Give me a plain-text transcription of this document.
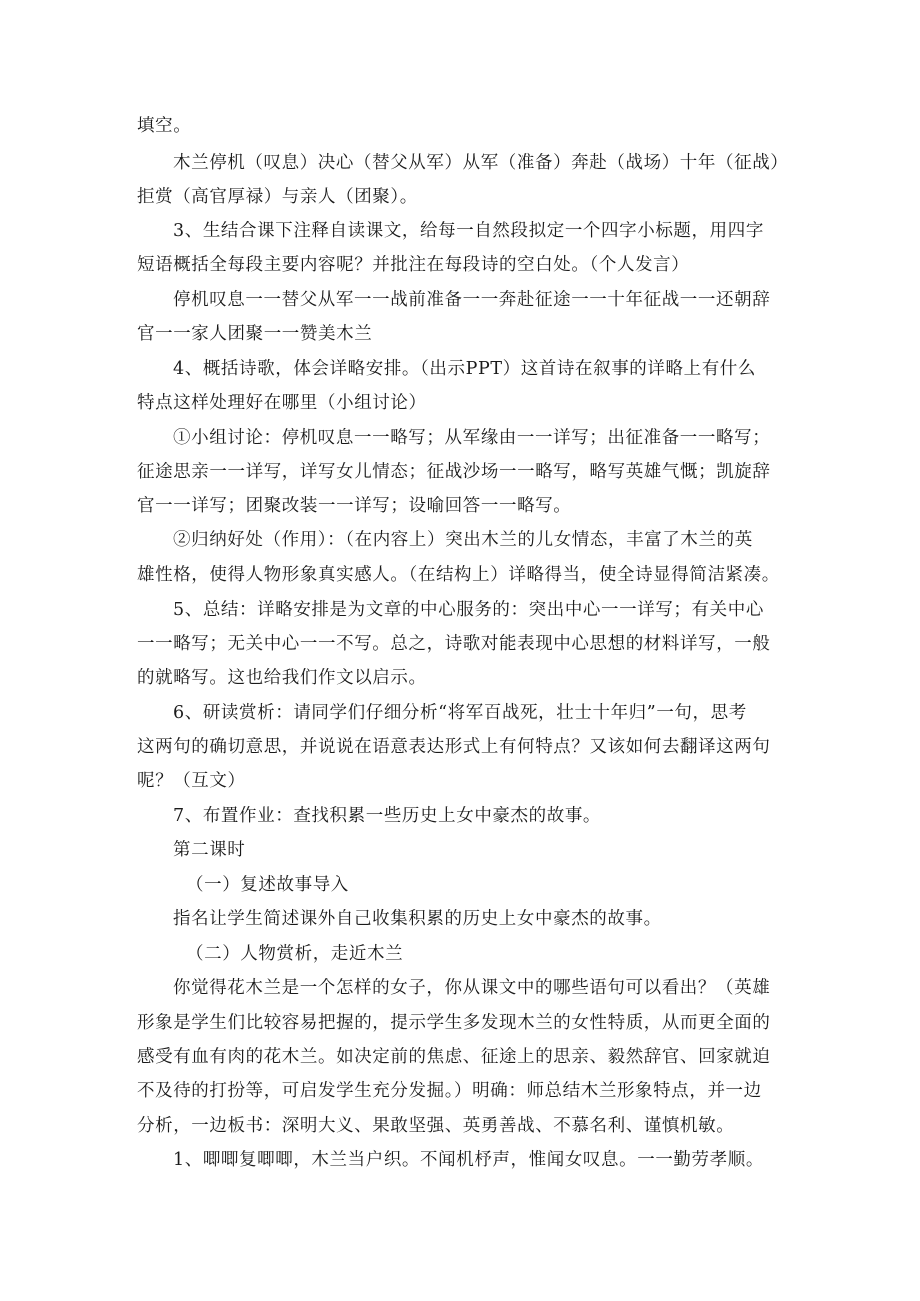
填空。
木兰停机（叹息）决心（替父从军）从军（准备）奔赴（战场）十年（征战）
拒赏（高官厚禄）与亲人（团聚）。
3、生结合课下注释自读课文，给每一自然段拟定一个四字小标题，用四字
短语概括全每段主要内容呢？并批注在每段诗的空白处。（个人发言）
停机叹息一一替父从军一一战前准备一一奔赴征途一一十年征战一一还朝辞
官一一家人团聚一一赞美木兰
4、概括诗歌，体会详略安排。（出示PPT）这首诗在叙事的详略上有什么
特点这样处理好在哪里（小组讨论）
①小组讨论：停机叹息一一略写；从军缘由一一详写；出征准备一一略写；
征途思亲一一详写，详写女儿情态；征战沙场一一略写，略写英雄气慨；凯旋辞
官一一详写；团聚改装一一详写；设喻回答一一略写。
②归纳好处（作用）：（在内容上）突出木兰的儿女情态，丰富了木兰的英
雄性格，使得人物形象真实感人。（在结构上）详略得当，使全诗显得简洁紧凑。
5、总结：详略安排是为文章的中心服务的：突出中心一一详写；有关中心
一一略写；无关中心一一不写。总之，诗歌对能表现中心思想的材料详写，一般
的就略写。这也给我们作文以启示。
6、研读赏析：请同学们仔细分析“将军百战死，壮士十年归”一句，思考
这两句的确切意思，并说说在语意表达形式上有何特点？又该如何去翻译这两句
呢？（互文）
7、布置作业：查找积累一些历史上女中豪杰的故事。
第二课时
（一）复述故事导入
指名让学生简述课外自己收集积累的历史上女中豪杰的故事。
（二）人物赏析，走近木兰
你觉得花木兰是一个怎样的女子，你从课文中的哪些语句可以看出？（英雄
形象是学生们比较容易把握的，提示学生多发现木兰的女性特质，从而更全面的
感受有血有肉的花木兰。如决定前的焦虑、征途上的思亲、毅然辞官、回家就迫
不及待的打扮等，可启发学生充分发掘。）明确：师总结木兰形象特点，并一边
分析，一边板书：深明大义、果敢坚强、英勇善战、不慕名利、谨慎机敏。
1、唧唧复唧唧，木兰当户织。不闻机杼声，惟闻女叹息。一一勤劳孝顺。
